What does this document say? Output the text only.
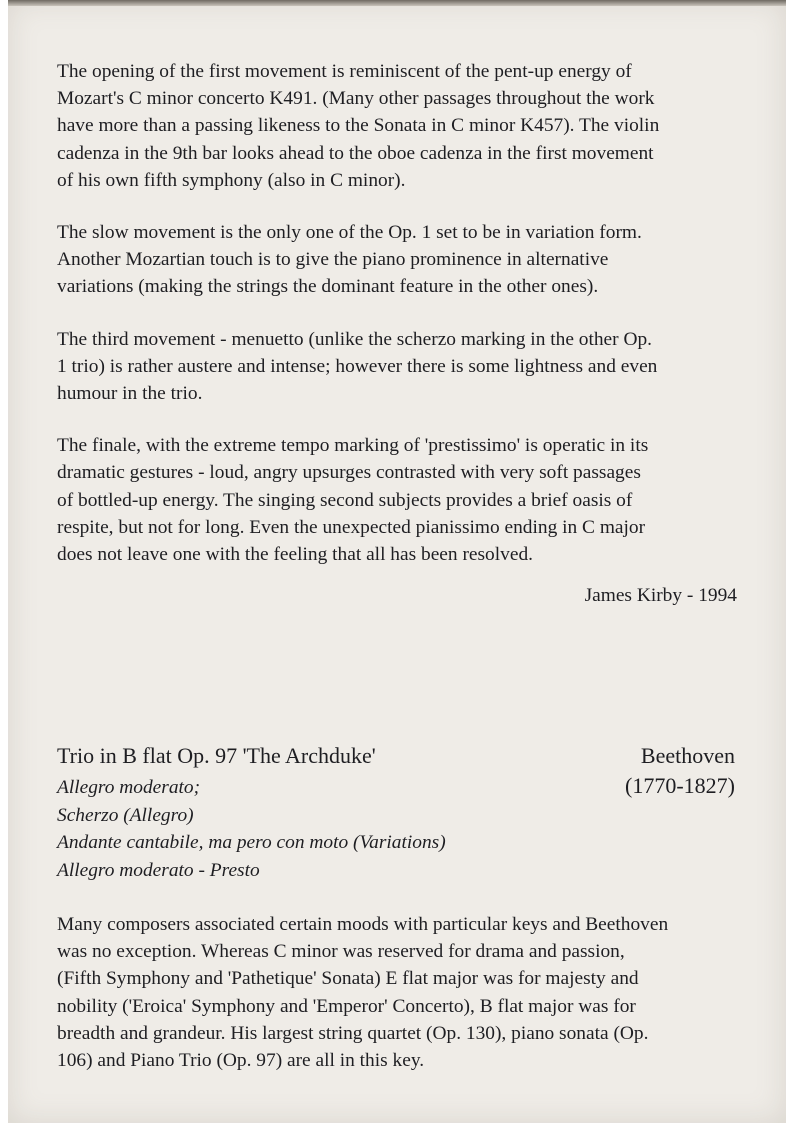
The opening of the first movement is reminiscent of the pent-up energy of

Mozart's C minor concerto K491. (Many other passages throughout the work

have more than a passing likeness to the Sonata in C minor K457). The violin

cadenza in the 9th bar looks ahead to the oboe cadenza in the first movement

of his own fifth symphony (also in C minor).

The slow movement is the only one of the Op. 1 set to be in variation form.

Another Mozartian touch is to give the piano prominence in alternative

variations (making the strings the dominant feature in the other ones).

The third movement - menuetto (unlike the scherzo marking in the other Op.

1 trio) is rather austere and intense; however there is some lightness and even

humour in the trio.

The finale, with the extreme tempo marking of 'prestissimo' is operatic in its

dramatic gestures - loud, angry upsurges contrasted with very soft passages

of bottled-up energy. The singing second subjects provides a brief oasis of

respite, but not for long. Even the unexpected pianissimo ending in C major

does not leave one with the feeling that all has been resolved.

James Kirby - 1994
Trio in B flat Op. 97 'The Archduke'	Beethoven
(1770-1827)
Allegro moderato;
Scherzo (Allegro)
Andante cantabile, ma pero con moto (Variations)
Allegro moderato - Presto

Many composers associated certain moods with particular keys and Beethoven

was no exception. Whereas C minor was reserved for drama and passion,

(Fifth Symphony and 'Pathetique' Sonata) E flat major was for majesty and

nobility ('Eroica' Symphony and 'Emperor' Concerto), B flat major was for

breadth and grandeur. His largest string quartet (Op. 130), piano sonata (Op.

106) and Piano Trio (Op. 97) are all in this key.
